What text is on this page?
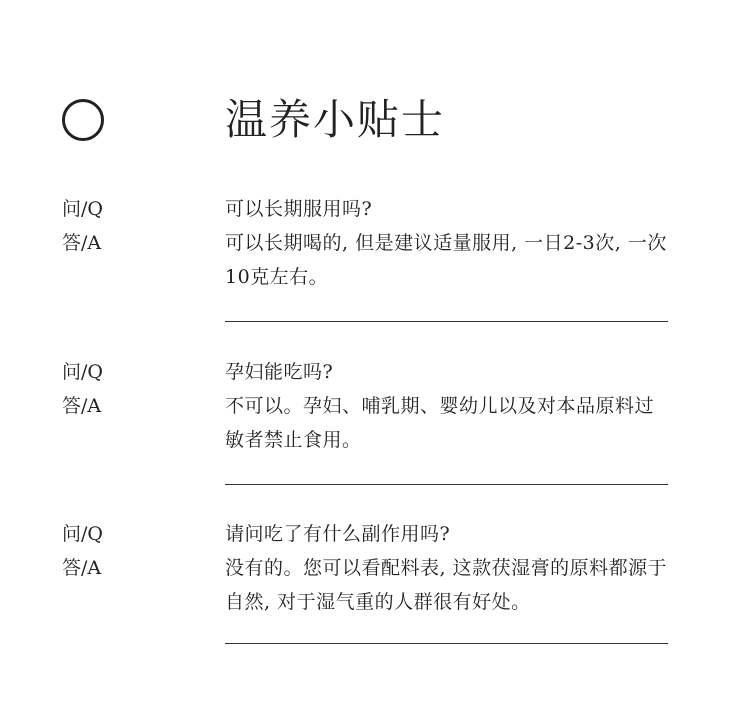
温养小贴士
问/Q
答/A
可以长期服用吗?
可以长期喝的, 但是建议适量服用, 一日2-3次, 一次10克左右。
问/Q
答/A
孕妇能吃吗?
不可以。孕妇、哺乳期、婴幼儿以及对本品原料过敏者禁止食用。
问/Q
答/A
请问吃了有什么副作用吗?
没有的。您可以看配料表, 这款茯湿膏的原料都源于自然, 对于湿气重的人群很有好处。
